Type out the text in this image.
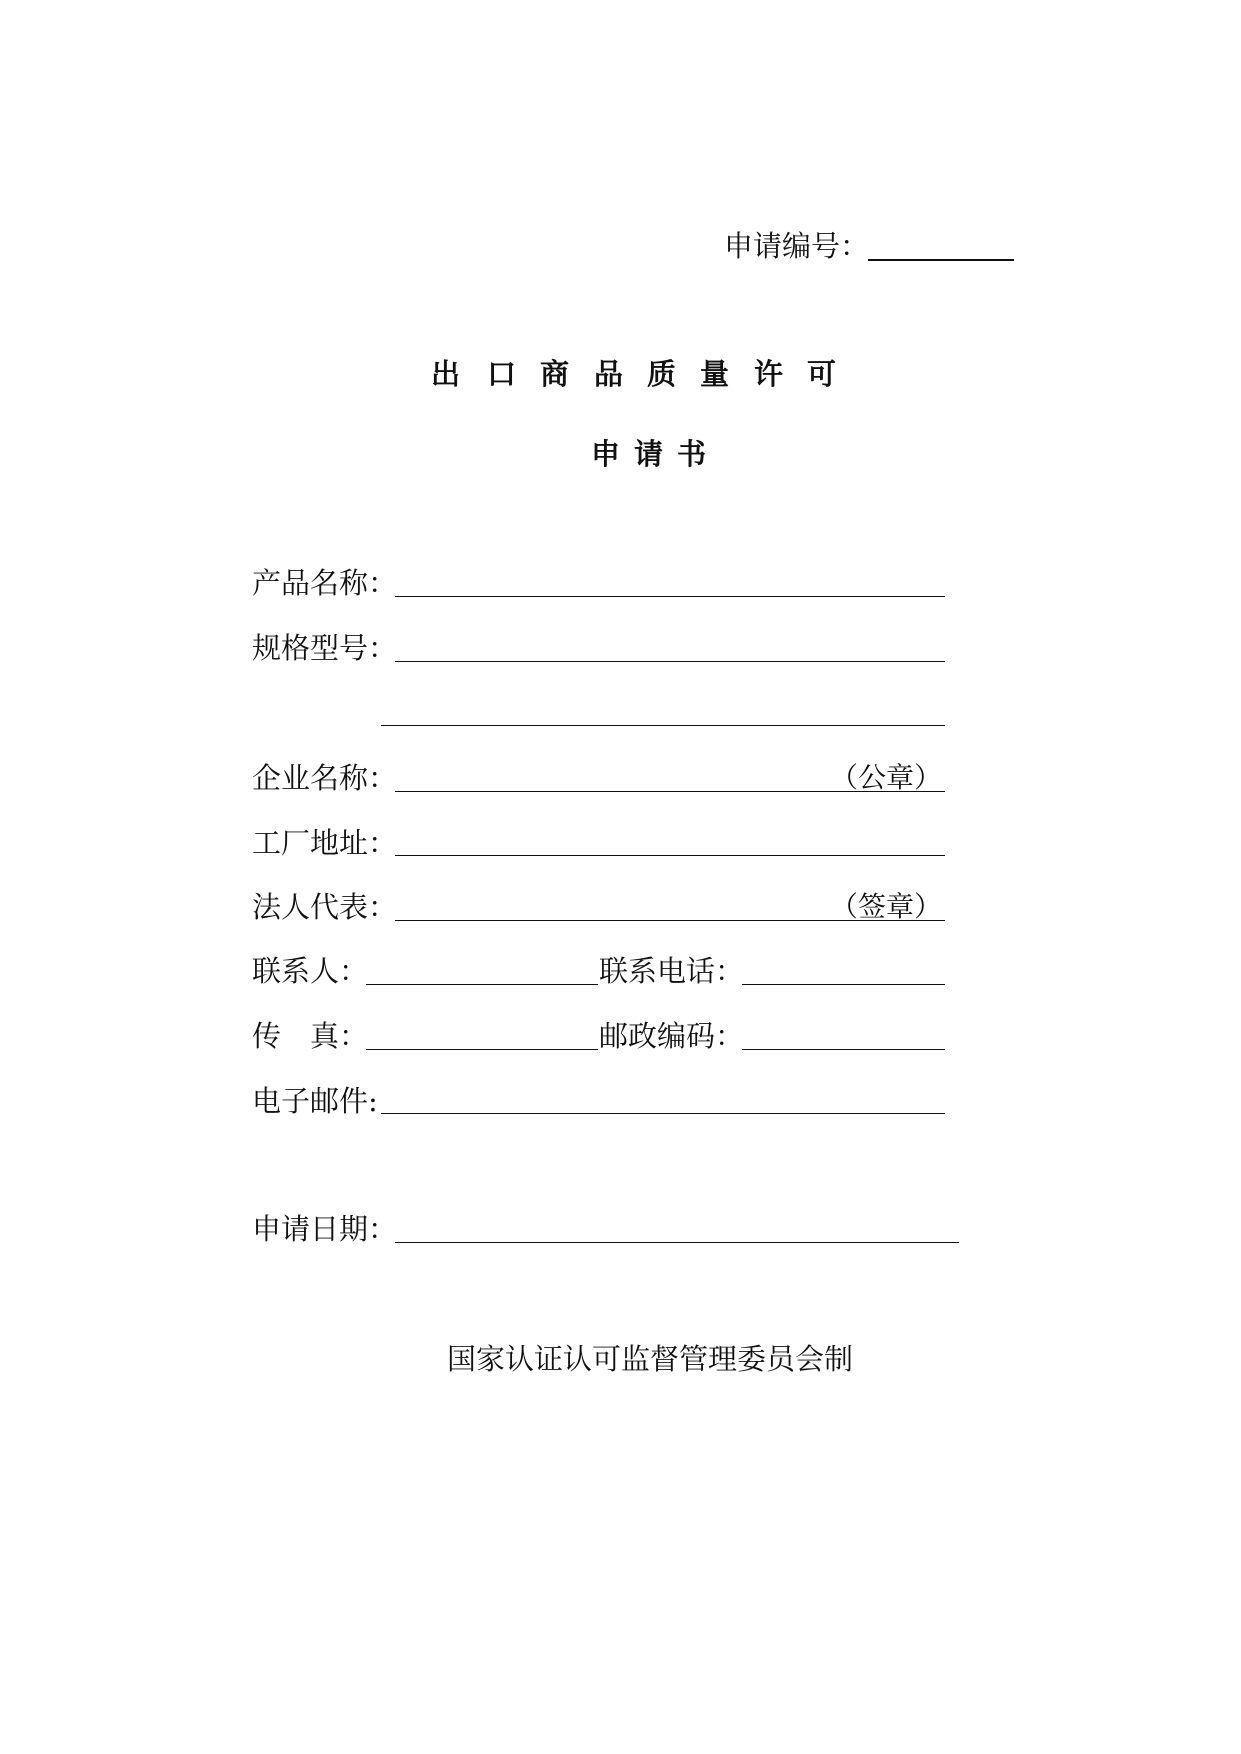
申请编号：
出 口 商 品 质 量 许 可
申 请 书
产品名称：
规格型号：
企业名称：	（公章）
工厂地址：
法人代表：	（签章）
联系人：	联系电话：
传 真：	邮政编码：
电子邮件:
申请日期：
国家认证认可监督管理委员会制
